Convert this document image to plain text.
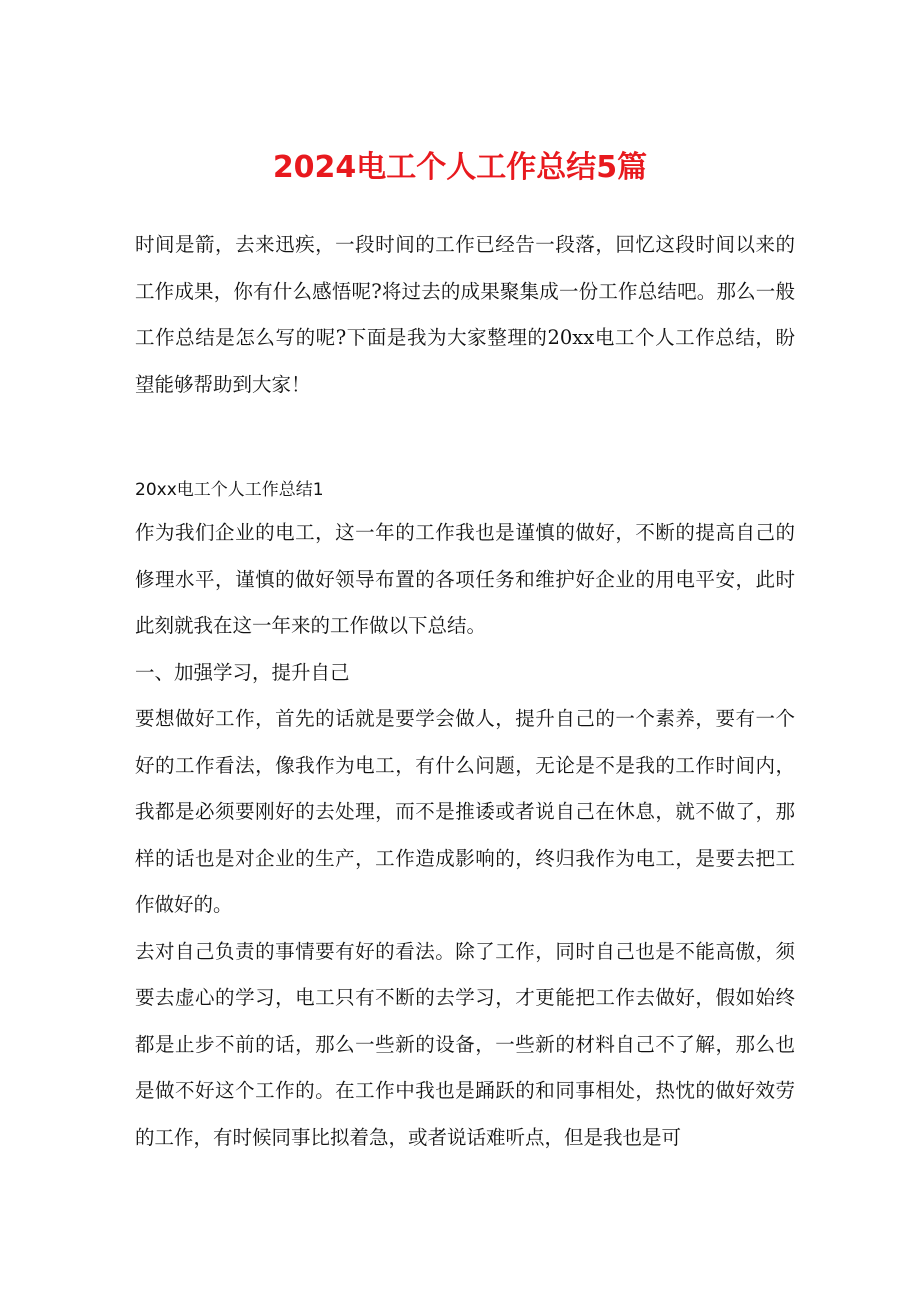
2024电工个人工作总结5篇

时间是箭，去来迅疾，一段时间的工作已经告一段落，回忆这段时间以来的工作成果，你有什么感悟呢?将过去的成果聚集成一份工作总结吧。那么一般工作总结是怎么写的呢?下面是我为大家整理的20xx电工个人工作总结，盼望能够帮助到大家！

20xx电工个人工作总结1

作为我们企业的电工，这一年的工作我也是谨慎的做好，不断的提高自己的修理水平，谨慎的做好领导布置的各项任务和维护好企业的用电平安，此时此刻就我在这一年来的工作做以下总结。

一、加强学习，提升自己

要想做好工作，首先的话就是要学会做人，提升自己的一个素养，要有一个好的工作看法，像我作为电工，有什么问题，无论是不是我的工作时间内，我都是必须要刚好的去处理，而不是推诿或者说自己在休息，就不做了，那样的话也是对企业的生产，工作造成影响的，终归我作为电工，是要去把工作做好的。

去对自己负责的事情要有好的看法。除了工作，同时自己也是不能高傲，须要去虚心的学习，电工只有不断的去学习，才更能把工作去做好，假如始终都是止步不前的话，那么一些新的设备，一些新的材料自己不了解，那么也是做不好这个工作的。在工作中我也是踊跃的和同事相处，热忱的做好效劳的工作，有时候同事比拟着急，或者说话难听点，但是我也是可
